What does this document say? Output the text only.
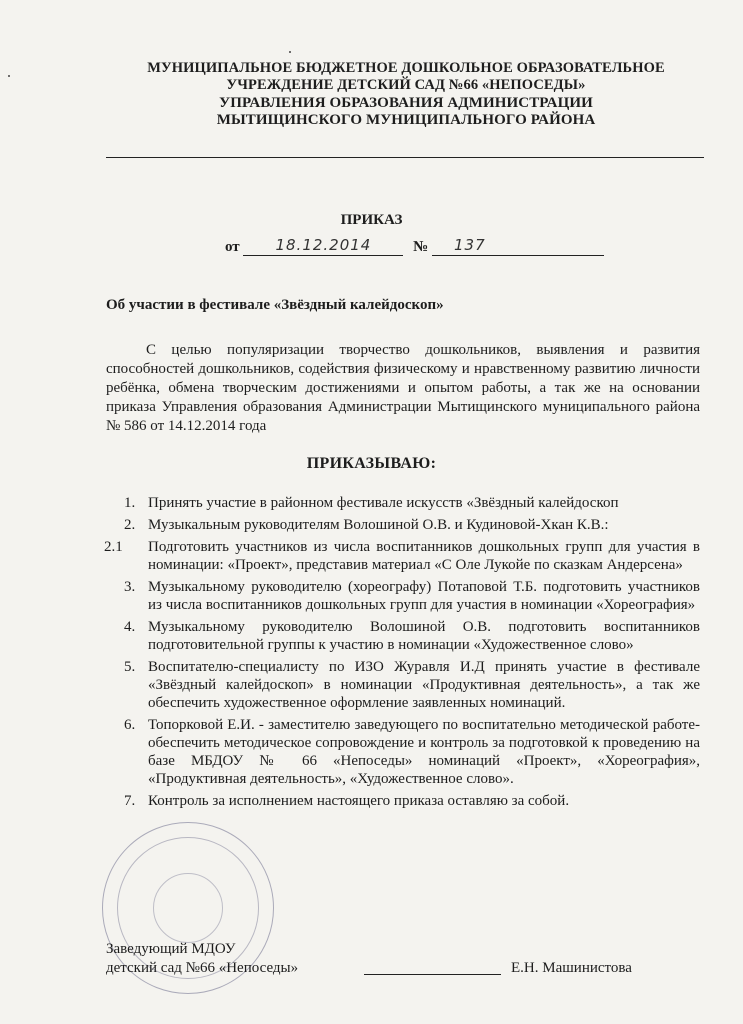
МУНИЦИПАЛЬНОЕ БЮДЖЕТНОЕ ДОШКОЛЬНОЕ ОБРАЗОВАТЕЛЬНОЕ
УЧРЕЖДЕНИЕ ДЕТСКИЙ САД №66 «НЕПОСЕДЫ»
УПРАВЛЕНИЯ ОБРАЗОВАНИЯ АДМИНИСТРАЦИИ
МЫТИЩИНСКОГО МУНИЦИПАЛЬНОГО РАЙОНА
ПРИКАЗ
от	18.12.2014	№ 137
Об участии в фестивале «Звёздный калейдоскоп»
С целью популяризации творчество дошкольников, выявления и развития способностей дошкольников, содействия физическому и нравственному развитию личности ребёнка, обмена творческим достижениями и опытом работы, а так же на основании приказа Управления образования Администрации Мытищинского муниципального района № 586 от 14.12.2014 года
ПРИКАЗЫВАЮ:
1. Принять участие в районном фестивале искусств «Звёздный калейдоскоп
2. Музыкальным руководителям Волошиной О.В. и Кудиновой-Хкан К.В.:
2.1 Подготовить участников из числа воспитанников дошкольных групп для участия в номинации: «Проект», представив материал «С Оле Лукойе по сказкам Андерсена»
3. Музыкальному руководителю (хореографу) Потаповой Т.Б. подготовить участников из числа воспитанников дошкольных групп для участия в номинации «Хореография»
4. Музыкальному руководителю Волошиной О.В. подготовить воспитанников подготовительной группы к участию в номинации «Художественное слово»
5. Воспитателю-специалисту по ИЗО Журавля И.Д принять участие в фестивале «Звёздный калейдоскоп» в номинации «Продуктивная деятельность», а так же обеспечить художественное оформление заявленных номинаций.
6. Топорковой Е.И. - заместителю заведующего по воспитательно методической работе- обеспечить методическое сопровождение и контроль за подготовкой к проведению на базе МБДОУ № 66 «Непоседы» номинаций «Проект», «Хореография», «Продуктивная деятельность», «Художественное слово».
7. Контроль за исполнением настоящего приказа оставляю за собой.
Заведующий МДОУ
детский сад №66 «Непоседы»	Е.Н. Машинистова
